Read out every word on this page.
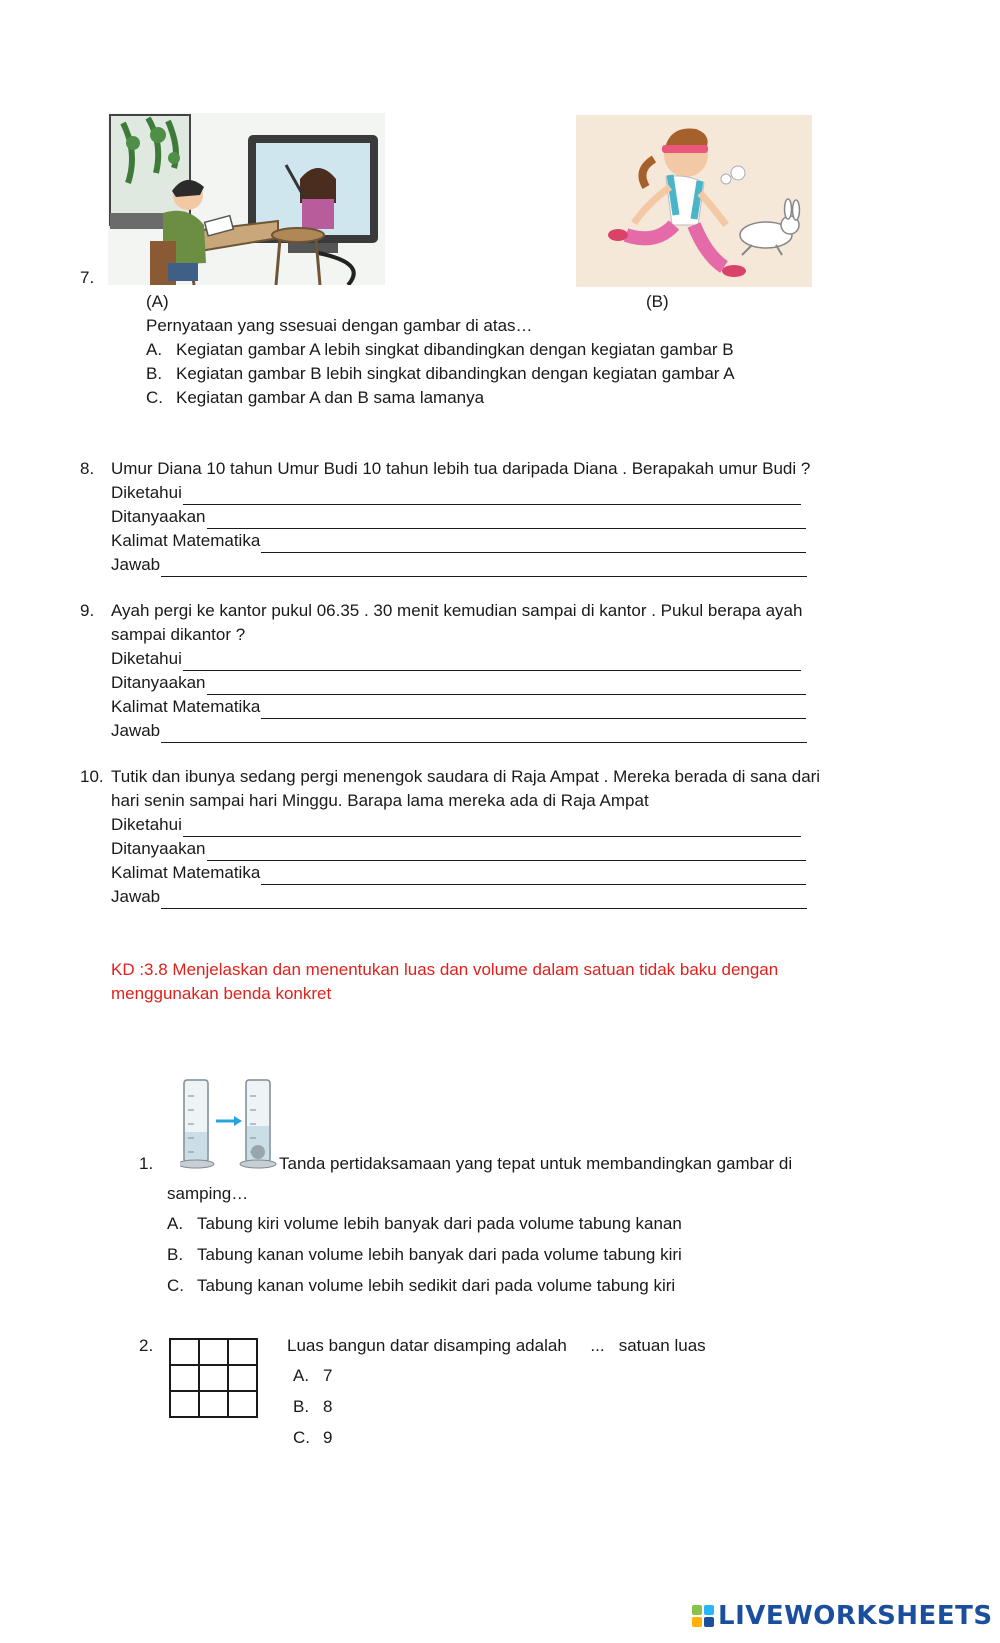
7.
(A)	(B)
Pernyataan yang ssesuai dengan gambar di atas…
A. Kegiatan gambar A lebih singkat dibandingkan dengan kegiatan gambar B
B. Kegiatan gambar B lebih singkat dibandingkan dengan kegiatan gambar A
C. Kegiatan gambar A dan B sama lamanya
8. Umur Diana 10 tahun Umur Budi 10 tahun lebih tua daripada Diana . Berapakah umur Budi ?
Diketahui
Ditanyaakan
Kalimat Matematika
Jawab
9. Ayah pergi ke kantor pukul 06.35 . 30 menit kemudian sampai di kantor . Pukul berapa ayah
sampai dikantor ?
Diketahui
Ditanyaakan
Kalimat Matematika
Jawab
10. Tutik dan ibunya sedang pergi menengok saudara di Raja Ampat . Mereka berada di sana dari
hari senin sampai hari Minggu. Barapa lama mereka ada di Raja Ampat
Diketahui
Ditanyaakan
Kalimat Matematika
Jawab
KD :3.8 Menjelaskan dan menentukan luas dan volume dalam satuan tidak baku dengan
menggunakan benda konkret
1.	Tanda pertidaksamaan yang tepat untuk membandingkan gambar di
samping…
A. Tabung kiri volume lebih banyak dari pada volume tabung kanan
B. Tabung kanan volume lebih banyak dari pada volume tabung kiri
C. Tabung kanan volume lebih sedikit dari pada volume tabung kiri
2.

			Luas bangun datar disamping adalah     ...   satuan luas
A. 7
B. 8
C. 9
LIVEWORKSHEETS
